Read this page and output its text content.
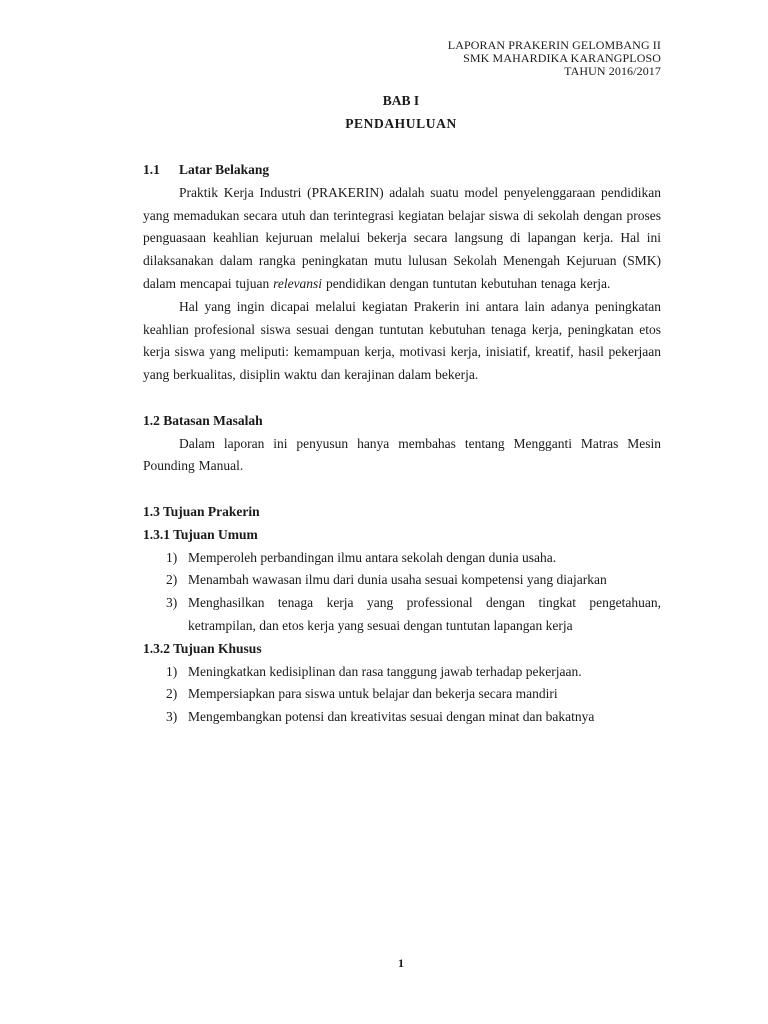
LAPORAN PRAKERIN GELOMBANG II
SMK MAHARDIKA KARANGPLOSO
TAHUN 2016/2017
BAB I
PENDAHULUAN
1.1	Latar Belakang

Praktik Kerja Industri (PRAKERIN) adalah suatu model penyelenggaraan pendidikan yang memadukan secara utuh dan terintegrasi kegiatan belajar siswa di sekolah dengan proses penguasaan keahlian kejuruan melalui bekerja secara langsung di lapangan kerja. Hal ini dilaksanakan dalam rangka peningkatan mutu lulusan Sekolah Menengah Kejuruan (SMK) dalam mencapai tujuan relevansi pendidikan dengan tuntutan kebutuhan tenaga kerja.

Hal yang ingin dicapai melalui kegiatan Prakerin ini antara lain adanya peningkatan keahlian profesional siswa sesuai dengan tuntutan kebutuhan tenaga kerja, peningkatan etos kerja siswa yang meliputi: kemampuan kerja, motivasi kerja, inisiatif, kreatif, hasil pekerjaan yang berkualitas, disiplin waktu dan kerajinan dalam bekerja.

1.2 Batasan Masalah

Dalam laporan ini penyusun hanya membahas tentang Mengganti Matras Mesin Pounding Manual.

1.3 Tujuan Prakerin

1.3.1 Tujuan Umum

1) Memperoleh perbandingan ilmu antara sekolah dengan dunia usaha.
2) Menambah wawasan ilmu dari dunia usaha sesuai kompetensi yang diajarkan
3) Menghasilkan tenaga kerja yang professional dengan tingkat pengetahuan, ketrampilan, dan etos kerja yang sesuai dengan tuntutan lapangan kerja

1.3.2 Tujuan Khusus

1) Meningkatkan kedisiplinan dan rasa tanggung jawab terhadap pekerjaan.
2) Mempersiapkan para siswa untuk belajar dan bekerja secara mandiri
3) Mengembangkan potensi dan kreativitas sesuai dengan minat dan bakatnya
1
